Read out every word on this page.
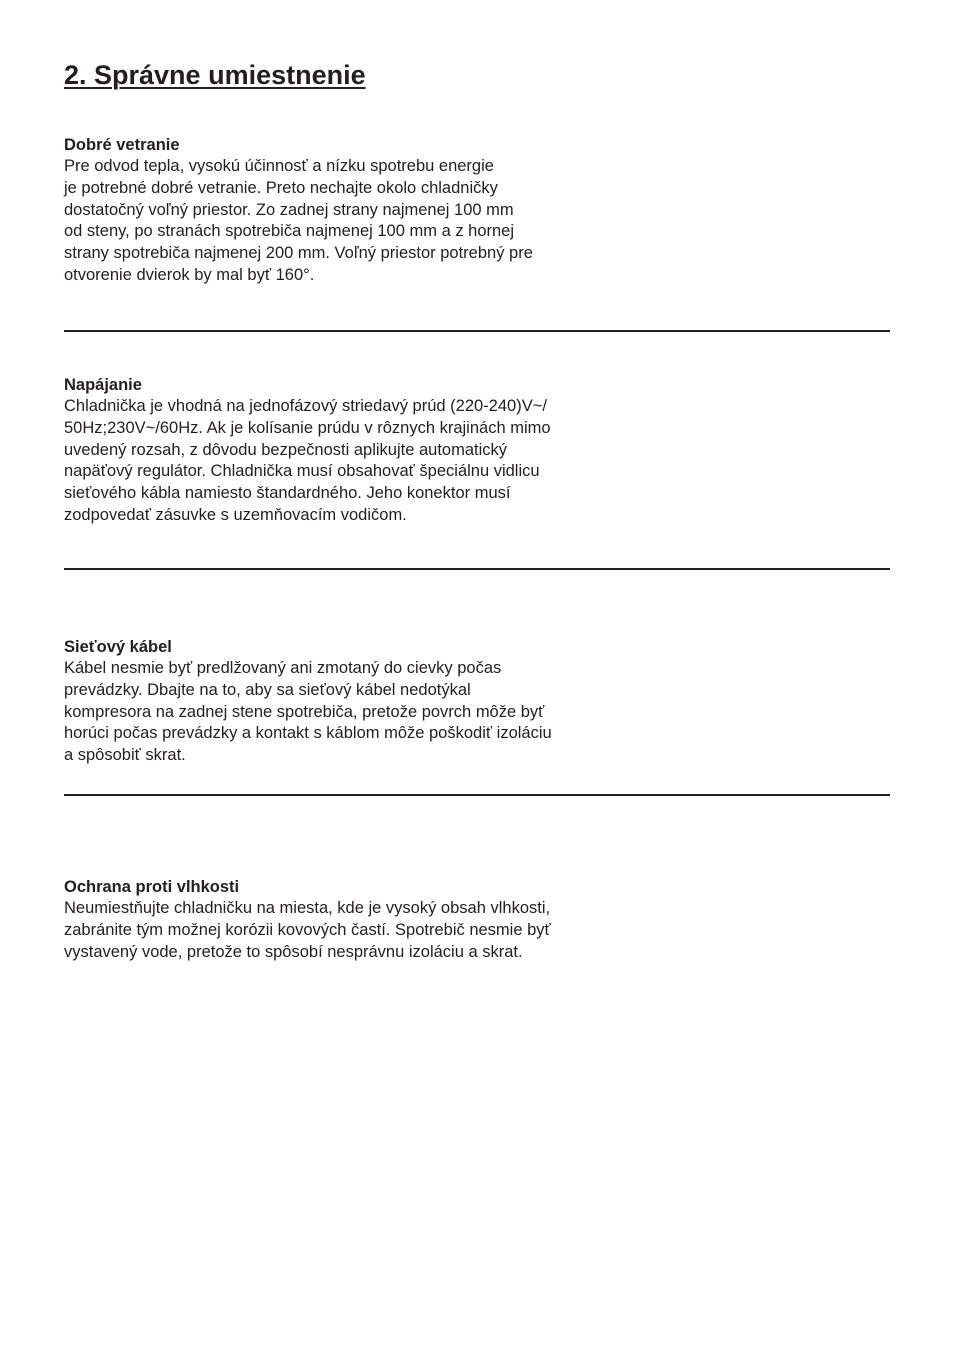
2. Správne umiestnenie
Dobré vetranie
Pre odvod tepla, vysokú účinnosť a nízku spotrebu energie
je potrebné dobré vetranie. Preto nechajte okolo chladničky
dostatočný voľný priestor. Zo zadnej strany najmenej 100 mm
od steny, po stranách spotrebiča najmenej 100 mm a z hornej
strany spotrebiča najmenej 200 mm. Voľný priestor potrebný pre
otvorenie dvierok by mal byť 160°.
Napájanie
Chladnička je vhodná na jednofázový striedavý prúd (220-240)V~/
50Hz;230V~/60Hz. Ak je kolísanie prúdu v rôznych krajinách mimo
uvedený rozsah, z dôvodu bezpečnosti aplikujte automatický
napäťový regulátor. Chladnička musí obsahovať špeciálnu vidlicu
sieťového kábla namiesto štandardného. Jeho konektor musí
zodpovedať zásuvke s uzemňovacím vodičom.
Sieťový kábel
Kábel nesmie byť predlžovaný ani zmotaný do cievky počas
prevádzky. Dbajte na to, aby sa sieťový kábel nedotýkal
kompresora na zadnej stene spotrebiča, pretože povrch môže byť
horúci počas prevádzky a kontakt s káblom môže poškodiť izoláciu
a spôsobiť skrat.
Ochrana proti vlhkosti
Neumiestňujte chladničku na miesta, kde je vysoký obsah vlhkosti,
zabránite tým možnej korózii kovových častí. Spotrebič nesmie byť
vystavený vode, pretože to spôsobí nesprávnu izoláciu a skrat.
